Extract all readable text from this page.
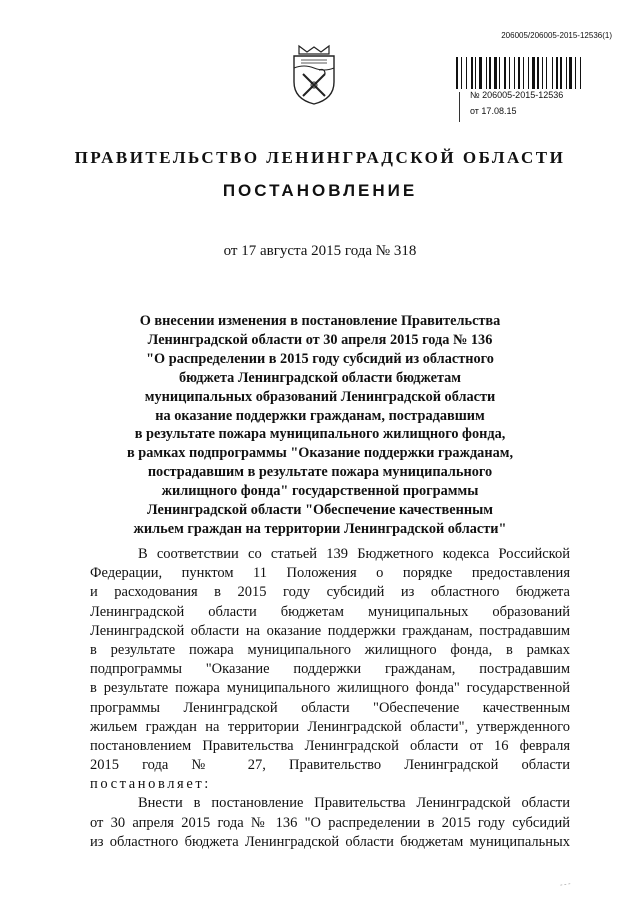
206005/206005-2015-12536(1)
№ 206005-2015-12536
от 17.08.15
ПРАВИТЕЛЬСТВО ЛЕНИНГРАДСКОЙ ОБЛАСТИ
ПОСТАНОВЛЕНИЕ
от 17 августа 2015 года № 318
О внесении изменения в постановление Правительства
Ленинградской области от 30 апреля 2015 года № 136
"О распределении в 2015 году субсидий из областного
бюджета Ленинградской области бюджетам
муниципальных образований Ленинградской области
на оказание поддержки гражданам, пострадавшим
в результате пожара муниципального жилищного фонда,
в рамках подпрограммы "Оказание поддержки гражданам,
пострадавшим в результате пожара муниципального
жилищного фонда" государственной программы
Ленинградской области "Обеспечение качественным
жильем граждан на территории Ленинградской области"
В соответствии со статьей 139 Бюджетного кодекса Российской
Федерации, пунктом 11 Положения о порядке предоставления
и расходования в 2015 году субсидий из областного бюджета
Ленинградской области бюджетам муниципальных образований
Ленинградской области на оказание поддержки гражданам, пострадавшим
в результате пожара муниципального жилищного фонда, в рамках
подпрограммы "Оказание поддержки гражданам, пострадавшим
в результате пожара муниципального жилищного фонда" государственной
программы Ленинградской области "Обеспечение качественным
жильем граждан на территории Ленинградской области", утвержденного
постановлением Правительства Ленинградской области от 16 февраля
2015 года № 27, Правительство Ленинградской области
постановляет:
Внести в постановление Правительства Ленинградской области
от 30 апреля 2015 года № 136 "О распределении в 2015 году субсидий
из областного бюджета Ленинградской области бюджетам муниципальных
- - -
